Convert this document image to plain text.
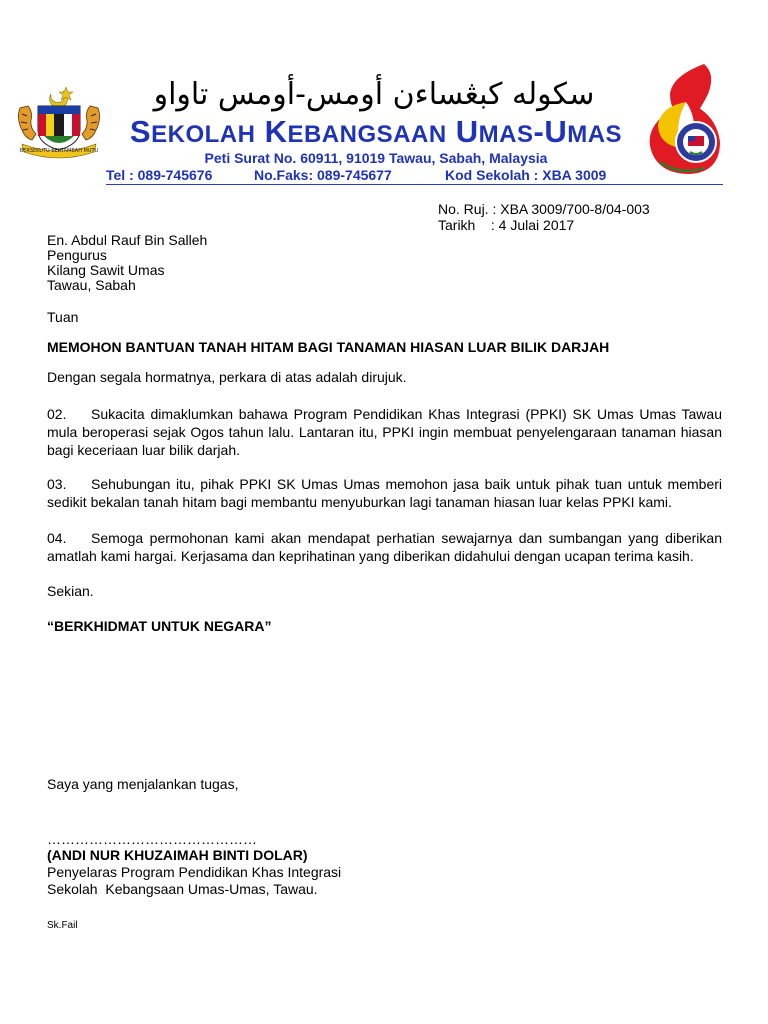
BERSEKUTU BERTAMBAH MUTU
سکوله کبڠساءن أومس-أومس تاواو
SEKOLAH KEBANGSAAN UMAS-UMAS
Peti Surat No. 60911, 91019 Tawau, Sabah, Malaysia
Tel : 089-745676	No.Faks: 089-745677	Kod Sekolah : XBA 3009
No. Ruj. : XBA 3009/700-8/04-003
Tarikh    : 4 Julai 2017
En. Abdul Rauf Bin Salleh
Pengurus
Kilang Sawit Umas
Tawau, Sabah
Tuan
MEMOHON BANTUAN TANAH HITAM BAGI TANAMAN HIASAN LUAR BILIK DARJAH
Dengan segala hormatnya, perkara di atas adalah dirujuk.
02. Sukacita dimaklumkan bahawa Program Pendidikan Khas Integrasi (PPKI) SK Umas Umas Tawau mula beroperasi sejak Ogos tahun lalu. Lantaran itu, PPKI ingin membuat penyelengaraan tanaman hiasan bagi keceriaan luar bilik darjah.
03. Sehubungan itu, pihak PPKI SK Umas Umas memohon jasa baik untuk pihak tuan untuk memberi sedikit bekalan tanah hitam bagi membantu menyuburkan lagi tanaman hiasan luar kelas PPKI kami.
04. Semoga permohonan kami akan mendapat perhatian sewajarnya dan sumbangan yang diberikan amatlah kami hargai. Kerjasama dan keprihatinan yang diberikan didahului dengan ucapan terima kasih.
Sekian.
“BERKHIDMAT UNTUK NEGARA”
Saya yang menjalankan tugas,
………………………………………
(ANDI NUR KHUZAIMAH BINTI DOLAR)
Penyelaras Program Pendidikan Khas Integrasi
Sekolah  Kebangsaan Umas-Umas, Tawau.
Sk.Fail
